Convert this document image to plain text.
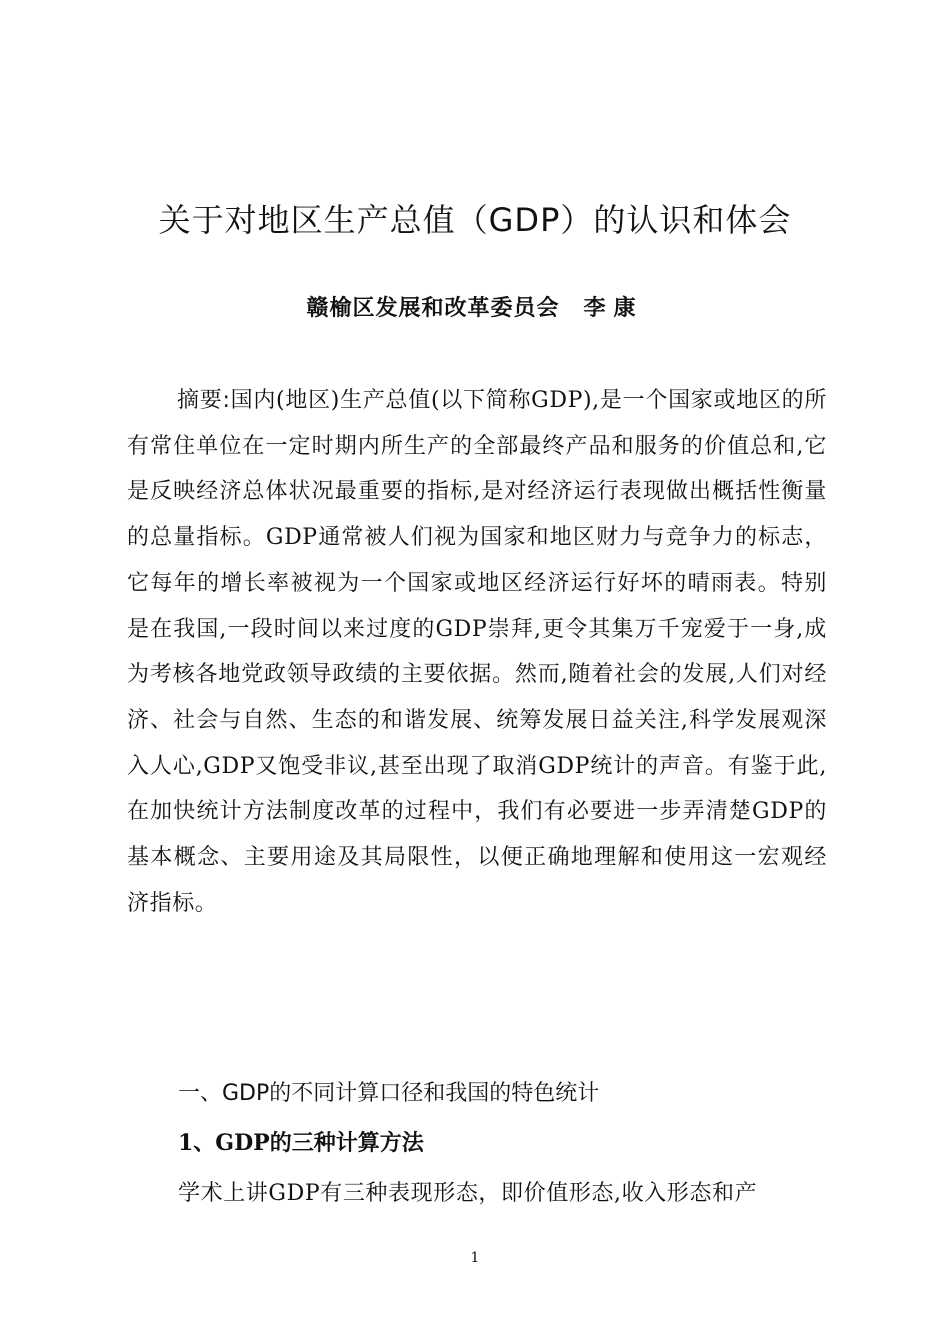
关于对地区生产总值（GDP）的认识和体会
赣榆区发展和改革委员会 李康
摘要:国内(地区)生产总值(以下简称GDP),是一个国家或地区的所有常住单位在一定时期内所生产的全部最终产品和服务的价值总和,它是反映经济总体状况最重要的指标,是对经济运行表现做出概括性衡量的总量指标。GDP通常被人们视为国家和地区财力与竞争力的标志，它每年的增长率被视为一个国家或地区经济运行好坏的晴雨表。特别是在我国,一段时间以来过度的GDP崇拜,更令其集万千宠爱于一身,成为考核各地党政领导政绩的主要依据。然而,随着社会的发展,人们对经济、社会与自然、生态的和谐发展、统筹发展日益关注,科学发展观深入人心,GDP又饱受非议,甚至出现了取消GDP统计的声音。有鉴于此,在加快统计方法制度改革的过程中，我们有必要进一步弄清楚GDP的基本概念、主要用途及其局限性，以便正确地理解和使用这一宏观经济指标。
一、GDP的不同计算口径和我国的特色统计
1、GDP的三种计算方法
学术上讲GDP有三种表现形态，即价值形态,收入形态和产
1
